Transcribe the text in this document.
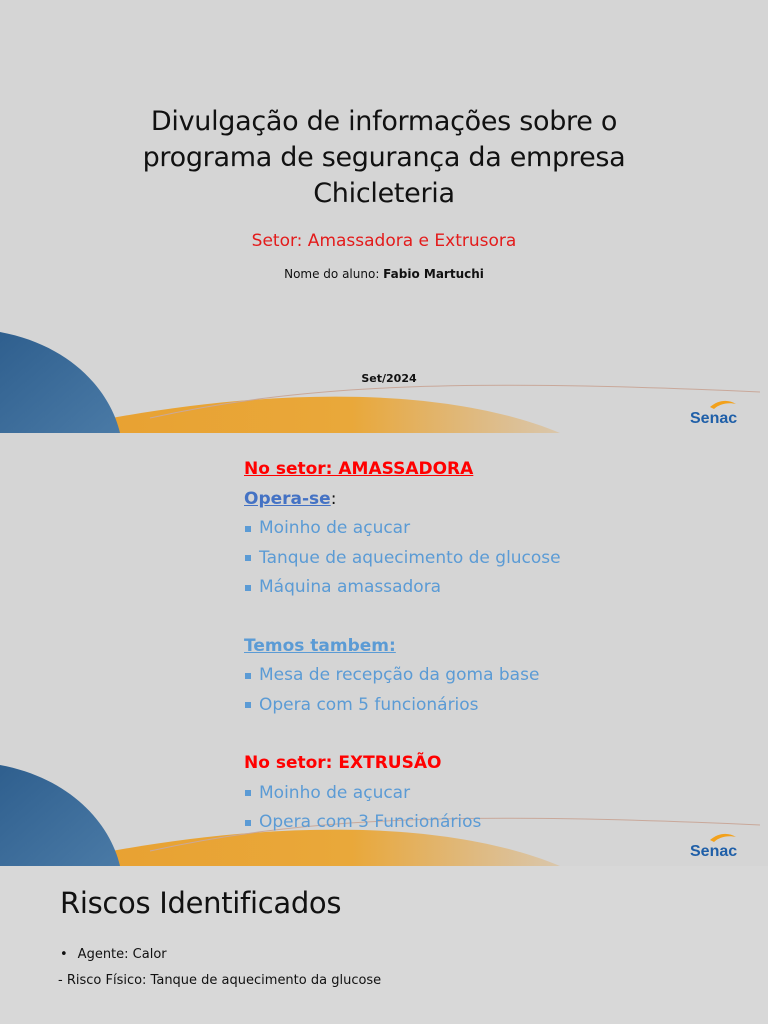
Divulgação de informações sobre o
programa de segurança da empresa
Chicleteria
Setor: Amassadora e Extrusora
Nome do aluno: Fabio Martuchi
Set/2024
Senac
No setor: AMASSADORA
Opera-se:
Moinho de açucar
Tanque de aquecimento de glucose
Máquina amassadora
Temos tambem:
Mesa de recepção da goma base
Opera com 5 funcionários
No setor: EXTRUSÃO
Moinho de açucar
Opera com 3 Funcionários
Senac
Riscos Identificados
• Agente: Calor
- Risco Físico: Tanque de aquecimento da glucose
